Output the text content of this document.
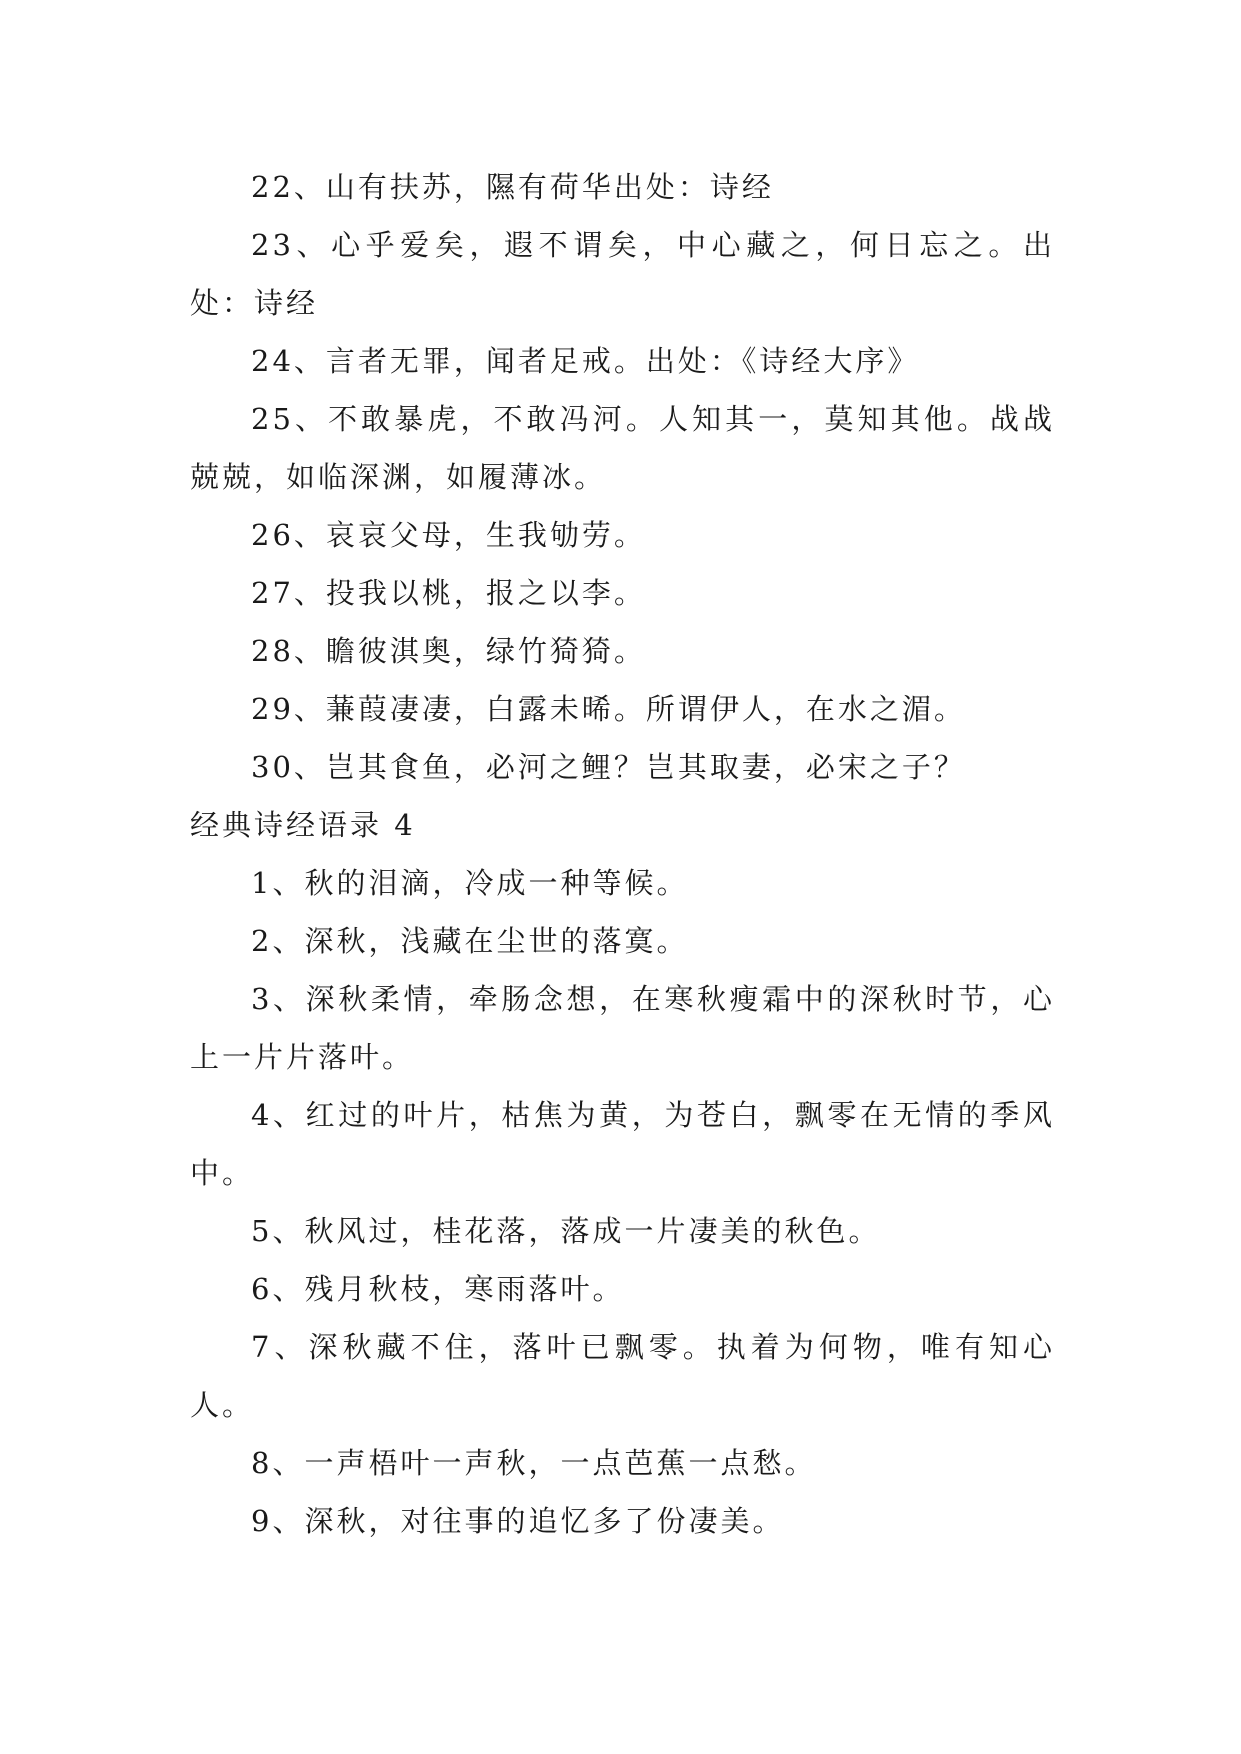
22、山有扶苏，隰有荷华出处：诗经

23、心乎爱矣，遐不谓矣，中心藏之，何日忘之。出处：诗经

24、言者无罪，闻者足戒。出处：《诗经大序》

25、不敢暴虎，不敢冯河。人知其一，莫知其他。战战兢兢，如临深渊，如履薄冰。

26、哀哀父母，生我劬劳。

27、投我以桃，报之以李。

28、瞻彼淇奥，绿竹猗猗。

29、蒹葭凄凄，白露未晞。所谓伊人，在水之湄。

30、岂其食鱼，必河之鲤？岂其取妻，必宋之子？

经典诗经语录 4

1、秋的泪滴，冷成一种等候。

2、深秋，浅藏在尘世的落寞。

3、深秋柔情，牵肠念想，在寒秋瘦霜中的深秋时节，心上一片片落叶。

4、红过的叶片，枯焦为黄，为苍白，飘零在无情的季风中。

5、秋风过，桂花落，落成一片凄美的秋色。

6、残月秋枝，寒雨落叶。

7、深秋藏不住，落叶已飘零。执着为何物，唯有知心人。

8、一声梧叶一声秋，一点芭蕉一点愁。

9、深秋，对往事的追忆多了份凄美。
